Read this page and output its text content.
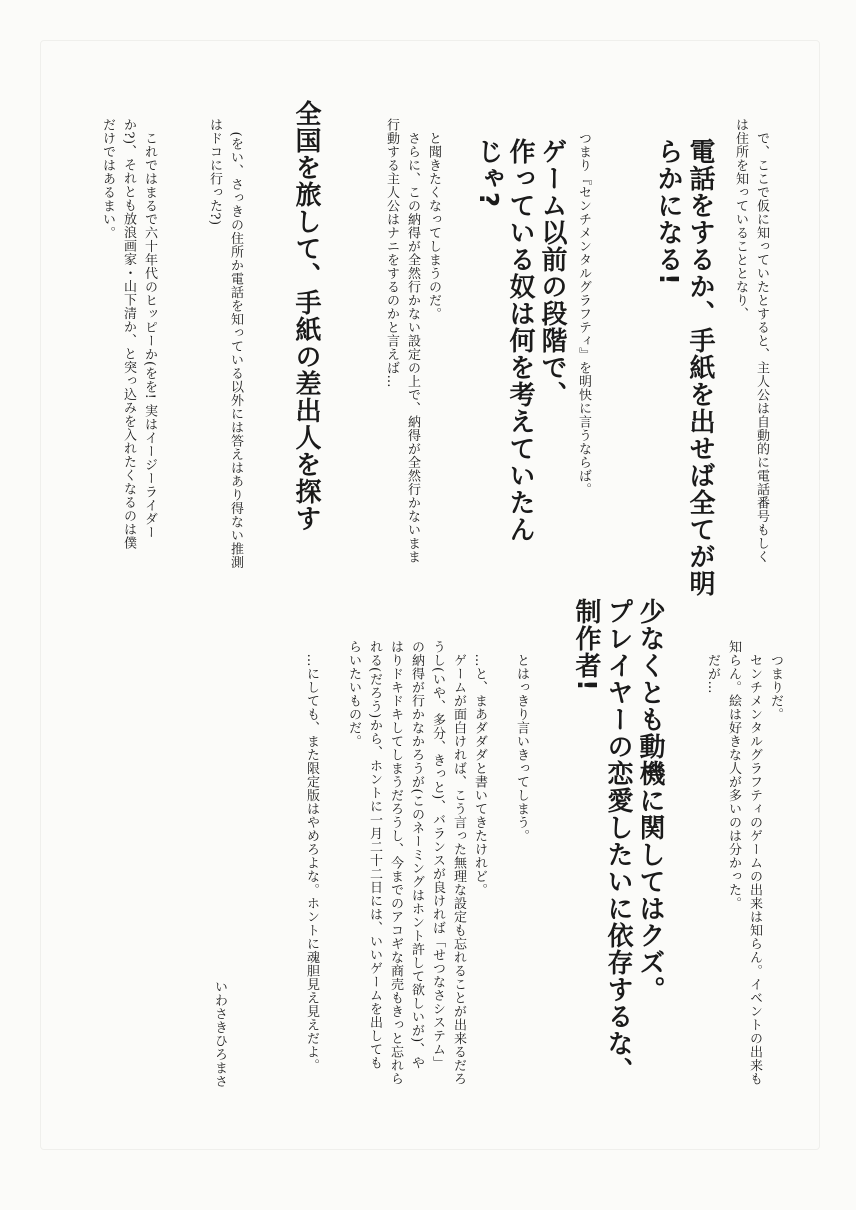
　で、ここで仮に知っていたとすると、主人公は自動的に電話番号もしく
は住所を知っていることとなり、

電話をするか、手紙を出せば全てが明
らかになる!

　つまり『センチメンタルグラフティ』を明快に言うならば。

ゲーム以前の段階で、
作っている奴は何を考えていたん
じゃ?

　と聞きたくなってしまうのだ。
　さらに、この納得が全然行かない設定の上で、納得が全然行かないまま
行動する主人公はナニをするのかと言えば…

全国を旅して、手紙の差出人を探す

　(をい、さっきの住所か電話を知っている以外には答えはあり得ない推測
はドコに行った?)

　これではまるで六十年代のヒッピーか(をを! 実はイージーライダー
か?)、それとも放浪画家・山下清か、と突っ込みを入れたくなるのは僕
だけではあるまい。

　つまりだ。
　センチメンタルグラフティのゲームの出来は知らん。イベントの出来も
知らん。絵は好きな人が多いのは分かった。
　だが…

少なくとも動機に関してはクズ。
プレイヤーの恋愛したいに依存するな、
制作者!

　とはっきり言いきってしまう。

　…と、まあダダダと書いてきたけれど。
　ゲームが面白ければ、こう言った無理な設定も忘れることが出来るだろ
うし(いや、多分、きっと)、バランスが良ければ「せつなさシステム」
の納得が行かなかろうが(このネーミングはホント許して欲しいが)、や
はりドキドキしてしまうだろうし、今までのアコギな商売もきっと忘れら
れる(だろう)から、ホントに一月二十二日には、いいゲームを出しても
らいたいものだ。

　…にしても、また限定版はやめろよな。ホントに魂胆見え見えだよ。

いわさきひろまさ
